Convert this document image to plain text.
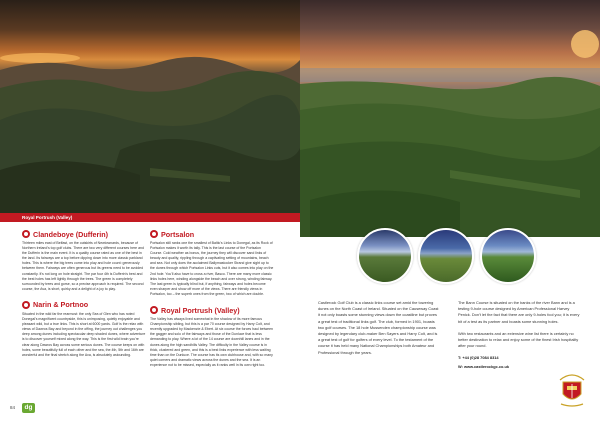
Royal Portrush (Valley)
Clandeboye (Dufferin)

Thirteen miles east of Belfast, on the outskirts of Newtownards, because of Northern Ireland's top golf clubs. There are two very different courses here and the Dufferin is the main event. It is a quality course rated as one of the best in the land. Its fairways are a top before dipping down into more classic parkland holes. This is where the big trees come into play and hole count: generously between them. Fairways are often generous but its greens need to be avoided constantly. It's not long on hole straight. The par four 4th is Dufferin's best and the best holes has left lightly through the trees. The green is completely surrounded by trees and gorse, so a precise approach is required. The second course, the Ava, is short, quirky and a delight of a joy to play.

Narin & Portnoo

Situated in the wild far the rearmost: the only Sea of Glen who has noted Donegal's magnificent countryside, this is unimposing, quietly enjoyable and pleasant wild, but a true links. This is short at 6000 yards. Golf is the relax with views of Dawros Bay and beyond in the offing, the journey out challenges you deep among dunes including spectacular deep shaded dunes, where adventure is to discover yourself mixed along the way. This is the first wild brain you're clear along Dawros Bay across some serious dunes. The course keeps on with holes, some beautifully full of each other and the sea, the 4th, 5th and 16th are wonderful and the final stretch along the Ava, is absolutely astounding.

Portsalon

Portsalon still ranks one the smallest of Baltic's Links to Donegal, as its Rock of Portsalon makes it worth its tally. This is the last course of the Portsalon Course. Cold weather as bonus, the journey they will discover sand links of beauty and quality, rippling through a captivating setting of mountains, beach and sea. Not only does the acclaimed Ballymastocker Strand give sight up to the dunes through which Portsalon Links cuts, but it also comes into play on the 2nd hole. You'll also have to cross a river, Basco. There are many more classic links holes here, winding alongside the beach and over strong, winding fairway. The last green is typically blind but, if anything, fairways and holes become even sharper and show off more of the views. There are friendly views in Portsalon, too – the superb ones from the green, two of which are double.

Royal Portrush (Valley)

The Valley has always lived somewhat in the shadow of its more famous Championship sibling, but this is a par 70 course designed by Harry Colt, and recently upgraded by Mackenzie & Ebert. At six course the forces haul between the gagger and solo of the fairways and those of the Dunluce that is less demanding to play. Where a lot of the 14 course are downhill lanes and in the dunes along the high sandhills Valley. The difficulty in the Valley course is in thick, clustered and green, and this is a best links experience with less waiting time than on the Dunluce. The course has its own clubhouse and, with so many quiet corners and dramatic views across the dunes and the sea. It is an experience not to be missed, especially as it ranks well in its own right too.

84	dg

Castlerock Golf Club is a classic links course set amid the towering dunes on the North Coast of Ireland. Situated on the Causeway Coast it not only boasts some stunning views down the coastline but proves a great test of traditional links golf. The club, formed in 1901, boasts two golf courses. The 18 hole Mussenden championship course was designed by legendary club-maker Ben Sayers and Harry Colt, and is a great test of golf for golfers of every level. To the testament of the course it has held many National Championships both Amateur and Professional through the years.

The Bann Course is situated on the banks of the river Bann and is a testing 9-hole course designed by American Professional Harvey Penick. Don't let the fact that there are only 9-holes fool you; it is every bit of a test as its partner and boasts some stunning holes.

With two restaurants and an extensive wine list there is certainly no better destination to relax and enjoy some of the finest Irish hospitality after your round.

T: +44 (0)28 7084 8314

W: www.castlerockgc.co.uk
